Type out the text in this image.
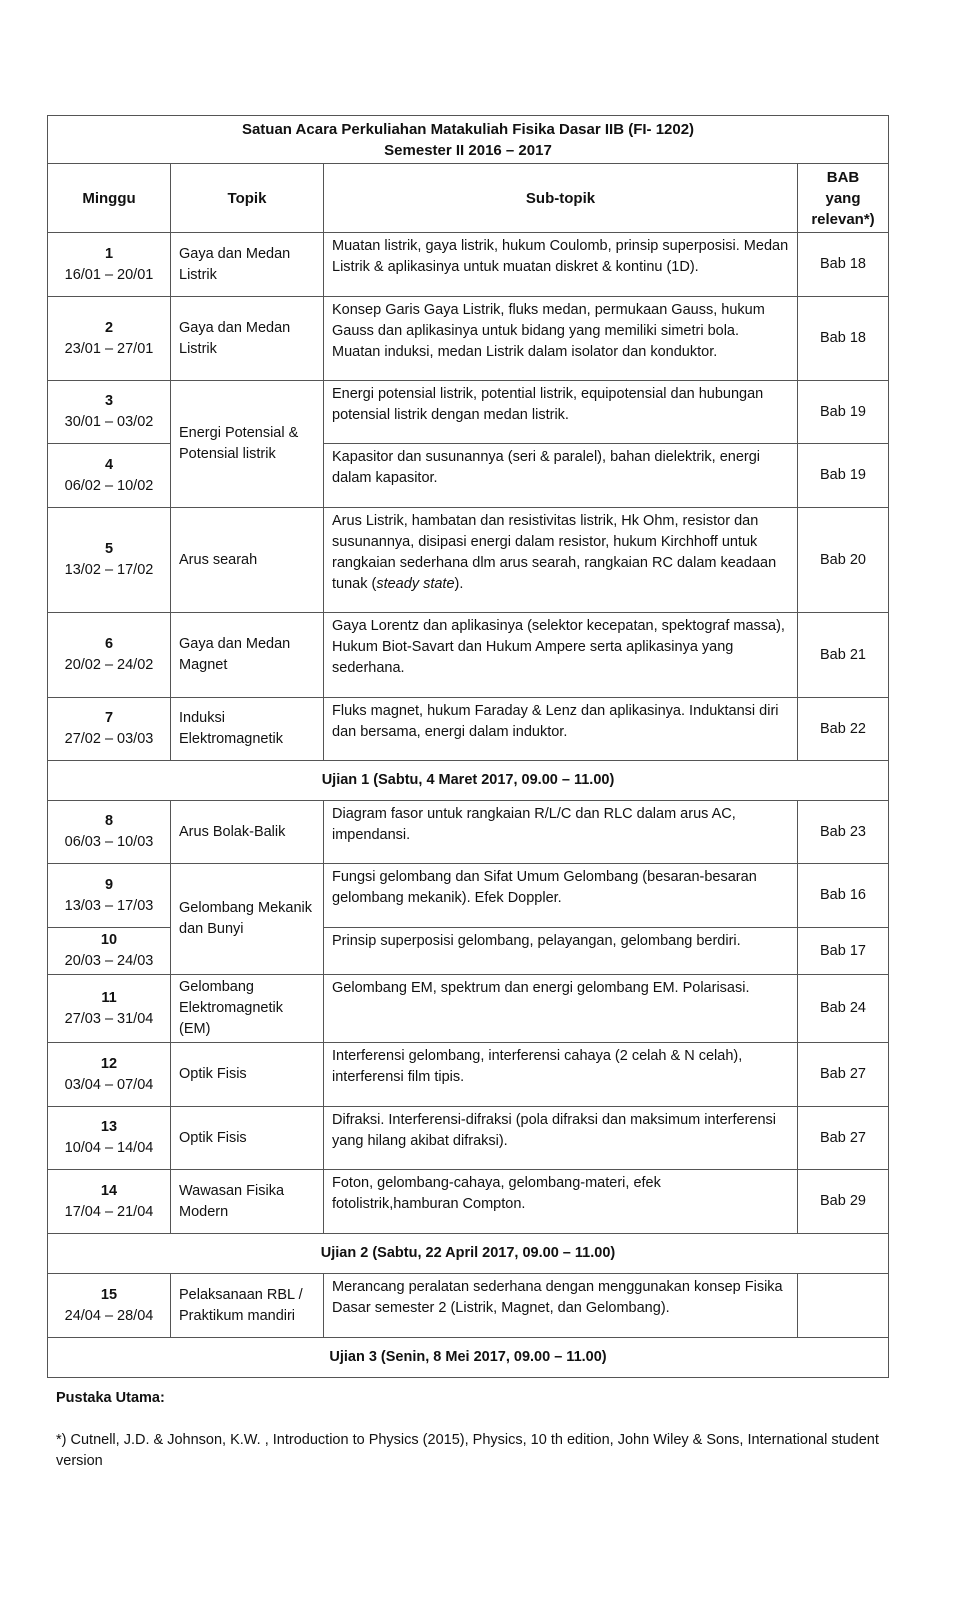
Satuan Acara Perkuliahan Matakuliah Fisika Dasar IIB (FI- 1202)
Semester II 2016 – 2017			

Minggu	Topik	Sub-topik	BAB
yang
relevan*)

1
16/01 – 20/01	Gaya dan Medan Listrik	Muatan listrik, gaya listrik, hukum Coulomb, prinsip superposisi. Medan Listrik & aplikasinya untuk muatan diskret & kontinu (1D).	Bab 18

2
23/01 – 27/01	Gaya dan Medan Listrik	Konsep Garis Gaya Listrik, fluks medan, permukaan Gauss, hukum Gauss dan aplikasinya untuk bidang yang memiliki simetri bola. Muatan induksi, medan Listrik dalam isolator dan konduktor.	Bab 18

3
30/01 – 03/02	Energi Potensial & Potensial listrik	Energi potensial listrik, potential listrik, equipotensial dan hubungan potensial listrik dengan medan listrik.	Bab 19

4
06/02 – 10/02		Kapasitor dan susunannya (seri & paralel), bahan dielektrik, energi dalam kapasitor.	Bab 19

5
13/02 – 17/02	Arus searah	Arus Listrik, hambatan dan resistivitas listrik, Hk Ohm, resistor dan susunannya, disipasi energi dalam resistor, hukum Kirchhoff untuk rangkaian sederhana dlm arus searah, rangkaian RC dalam keadaan tunak (steady state).	Bab 20

6
20/02 – 24/02	Gaya dan Medan Magnet	Gaya Lorentz dan aplikasinya (selektor kecepatan, spektograf massa), Hukum Biot-Savart dan Hukum Ampere serta aplikasinya yang sederhana.	Bab 21

7
27/02 – 03/03	Induksi Elektromagnetik	Fluks magnet, hukum Faraday & Lenz dan aplikasinya. Induktansi diri dan bersama, energi dalam induktor.	Bab 22
Ujian 1 (Sabtu, 4 Maret 2017, 09.00 – 11.00)			

8
06/03 – 10/03	Arus Bolak-Balik	Diagram fasor untuk rangkaian R/L/C dan RLC dalam arus AC, impendansi.	Bab 23

9
13/03 – 17/03	Gelombang Mekanik dan Bunyi	Fungsi gelombang dan Sifat Umum Gelombang (besaran-besaran gelombang mekanik). Efek Doppler.	Bab 16

10
20/03 – 24/03		Prinsip superposisi gelombang, pelayangan, gelombang berdiri.	Bab 17

11
27/03 – 31/04	Gelombang Elektromagnetik (EM)	Gelombang EM, spektrum dan energi gelombang EM. Polarisasi.	Bab 24

12
03/04 – 07/04	Optik Fisis	Interferensi gelombang, interferensi cahaya (2 celah & N celah), interferensi film tipis.	Bab 27

13
10/04 – 14/04	Optik Fisis	Difraksi. Interferensi-difraksi (pola difraksi dan maksimum interferensi yang hilang akibat difraksi).	Bab 27

14
17/04 – 21/04	Wawasan Fisika Modern	Foton, gelombang-cahaya, gelombang-materi, efek fotolistrik,hamburan Compton.	Bab 29
Ujian 2 (Sabtu, 22 April 2017, 09.00 – 11.00)			

15
24/04 – 28/04	Pelaksanaan RBL / Praktikum mandiri	Merancang peralatan sederhana dengan menggunakan konsep Fisika Dasar semester 2 (Listrik, Magnet, dan Gelombang).	
Ujian 3 (Senin, 8 Mei 2017, 09.00 – 11.00)			
Pustaka Utama:
*) Cutnell, J.D. & Johnson, K.W. , Introduction to Physics (2015), Physics, 10 th edition, John Wiley & Sons, International student version
